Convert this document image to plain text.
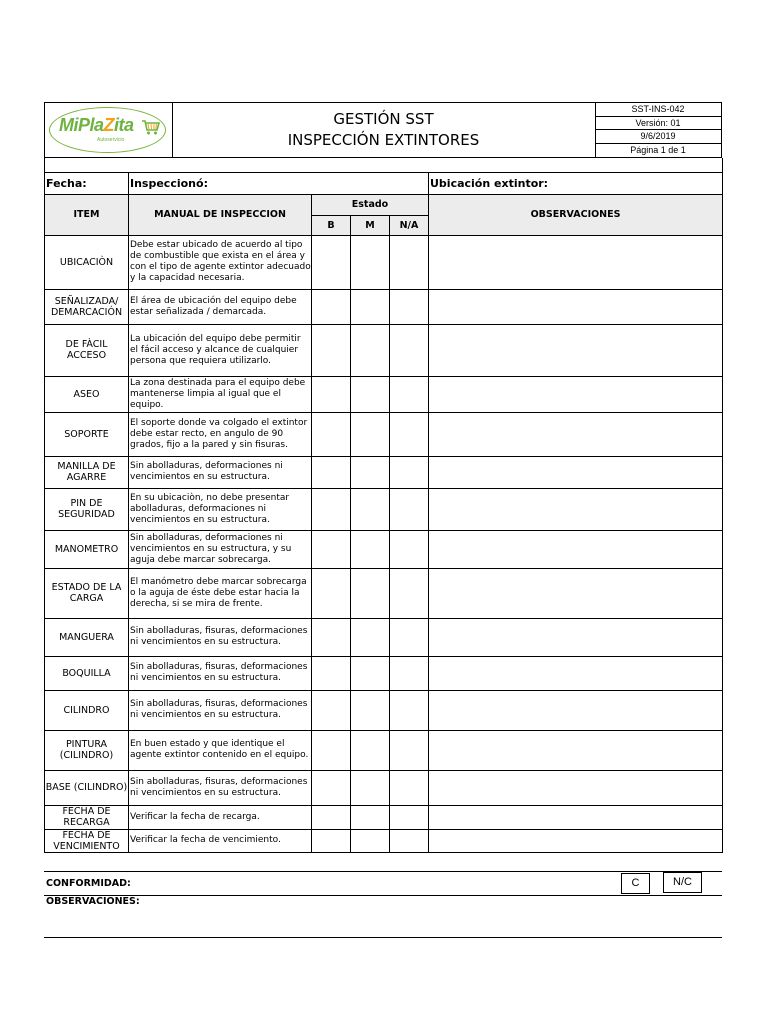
MiPlaZita
Autoservicio
GESTIÓN SST
INSPECCIÓN EXTINTORES
SST-INS-042
Versión: 01
9/6/2019
Página 1 de 1

Fecha:	Inspeccionó:				Ubicación extintor:
ITEM	MANUAL DE INSPECCION	Estado			OBSERVACIONES
		B	M	N/A	
UBICACIÒN	Debe estar ubicado de acuerdo al tipo de combustible que exista en el área y con el tipo de agente extintor adecuado y la capacidad necesaria.				
SEÑALIZADA/ DEMARCACIÓN	El área de ubicación del equipo debe estar señalizada / demarcada.				
DE FÀCIL ACCESO	La ubicación del equipo debe permitir el fácil acceso y alcance de cualquier persona que requiera utilizarlo.				
ASEO	La zona destinada para el equipo debe mantenerse limpia al igual que el equipo.				
SOPORTE	El soporte donde va colgado el extintor debe estar recto, en angulo de 90 grados, fijo a la pared y sin fisuras.				
MANILLA DE AGARRE	Sin abolladuras, deformaciones ni vencimientos en su estructura.				
PIN DE SEGURIDAD	En su ubicaciòn, no debe presentar abolladuras, deformaciones ni vencimientos en su estructura.				
MANOMETRO	Sin abolladuras, deformaciones ni vencimientos en su estructura, y su aguja debe marcar sobrecarga.				
ESTADO DE LA CARGA	El manómetro debe marcar sobrecarga o la aguja de éste debe estar hacia la derecha, si se mira de frente.				
MANGUERA	Sin abolladuras, fisuras, deformaciones ni vencimientos en su estructura.				
BOQUILLA	Sin abolladuras, fisuras, deformaciones ni vencimientos en su estructura.				
CILINDRO	Sin abolladuras, fisuras, deformaciones ni vencimientos en su estructura.				
PINTURA (CILINDRO)	En buen estado y que identique el agente extintor contenido en el equipo.				
BASE (CILINDRO)	Sin abolladuras, fisuras, deformaciones ni vencimientos en su estructura.				
FECHA DE RECARGA	Verificar la fecha de recarga.				
FECHA DE VENCIMIENTO	Verificar la fecha de vencimiento.				
CONFORMIDAD:	C	N/C
OBSERVACIONES:
